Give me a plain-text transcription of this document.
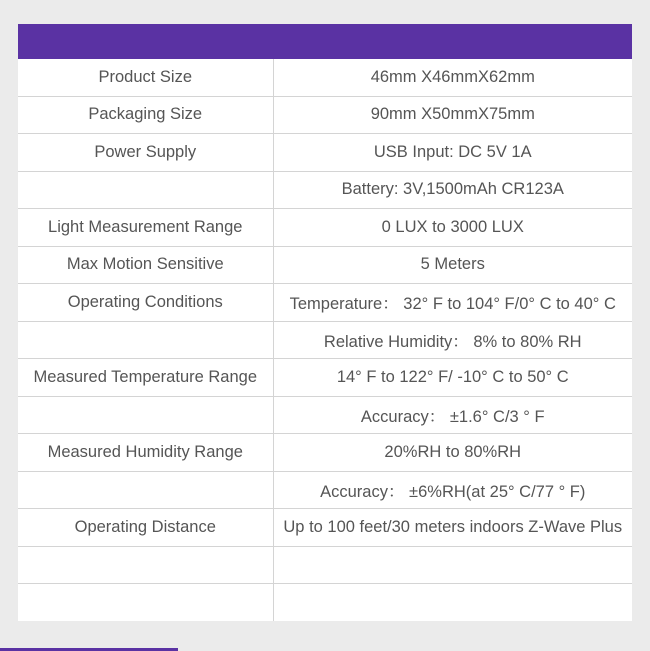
Product Size	46mm X46mmX62mm
Packaging Size	90mm X50mmX75mm
Power Supply	USB Input: DC 5V 1A
	Battery: 3V,1500mAh CR123A
Light Measurement Range	0 LUX to 3000 LUX
Max Motion Sensitive	5 Meters
Operating Conditions	Temperature： 32° F to 104° F/0° C to 40° C
	Relative Humidity： 8% to 80% RH
Measured Temperature Range	14° F to 122° F/ -10° C to 50° C
	Accuracy： ±1.6° C/3 ° F
Measured Humidity Range	20%RH to 80%RH
	Accuracy： ±6%RH(at 25° C/77 ° F)
Operating Distance	Up to 100 feet/30 meters indoors Z-Wave Plus
